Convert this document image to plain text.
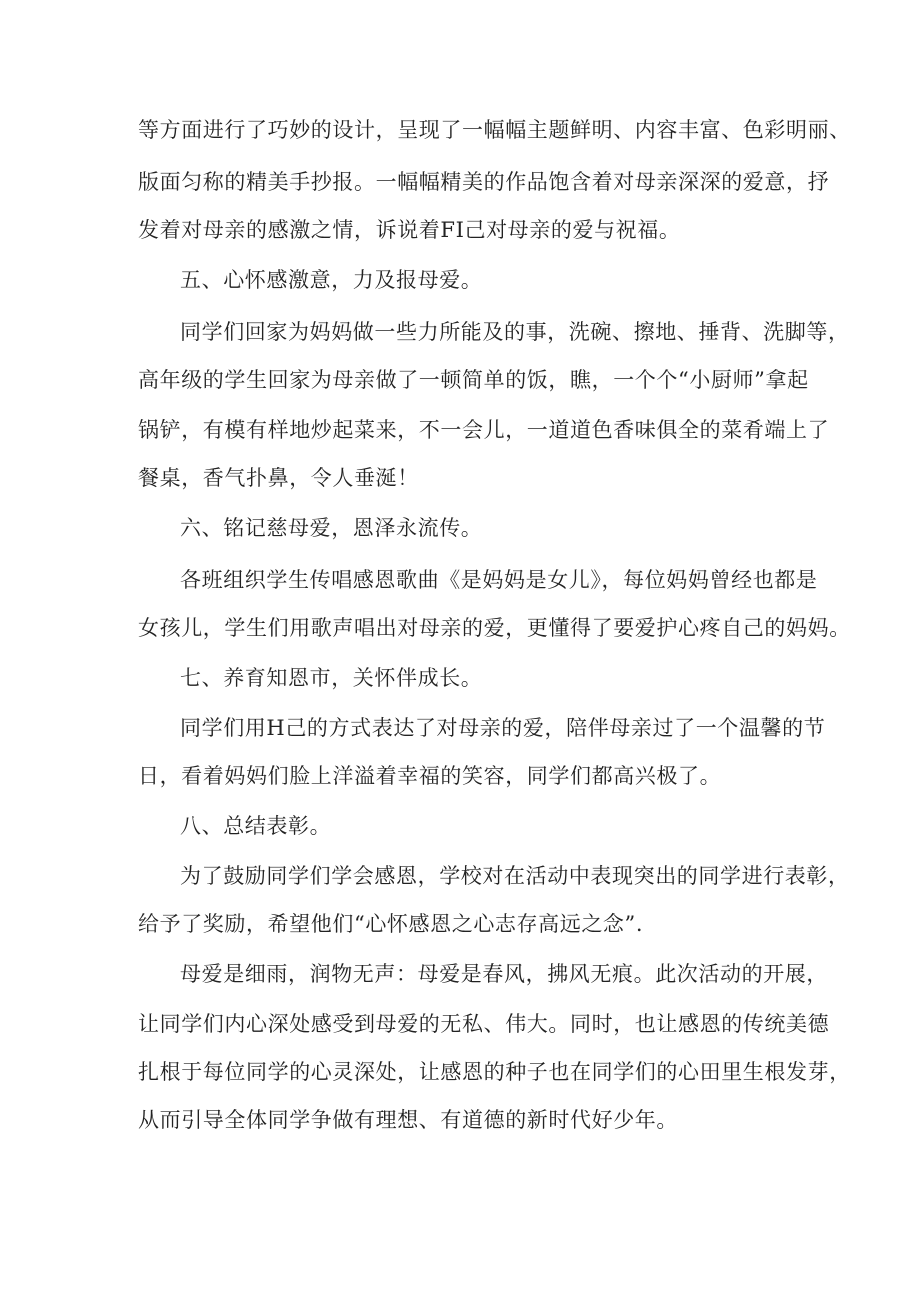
等方面进行了巧妙的设计，呈现了一幅幅主题鲜明、内容丰富、色彩明丽、
版面匀称的精美手抄报。一幅幅精美的作品饱含着对母亲深深的爱意，抒
发着对母亲的感激之情，诉说着FI己对母亲的爱与祝福。
五、心怀感激意，力及报母爱。
同学们回家为妈妈做一些力所能及的事，洗碗、擦地、捶背、洗脚等，
高年级的学生回家为母亲做了一顿简单的饭，瞧，一个个“小厨师”拿起
锅铲，有模有样地炒起菜来，不一会儿，一道道色香味俱全的菜肴端上了
餐桌，香气扑鼻，令人垂涎！
六、铭记慈母爱，恩泽永流传。
各班组织学生传唱感恩歌曲《是妈妈是女儿》，每位妈妈曾经也都是
女孩儿，学生们用歌声唱出对母亲的爱，更懂得了要爱护心疼自己的妈妈。
七、养育知恩市，关怀伴成长。
同学们用H己的方式表达了对母亲的爱，陪伴母亲过了一个温馨的节
日，看着妈妈们脸上洋溢着幸福的笑容，同学们都高兴极了。
八、总结表彰。
为了鼓励同学们学会感恩，学校对在活动中表现突出的同学进行表彰，
给予了奖励，希望他们“心怀感恩之心志存高远之念”.
母爱是细雨，润物无声：母爱是春风，拂风无痕。此次活动的开展，
让同学们内心深处感受到母爱的无私、伟大。同时，也让感恩的传统美德
扎根于每位同学的心灵深处，让感恩的种子也在同学们的心田里生根发芽，
从而引导全体同学争做有理想、有道德的新时代好少年。
